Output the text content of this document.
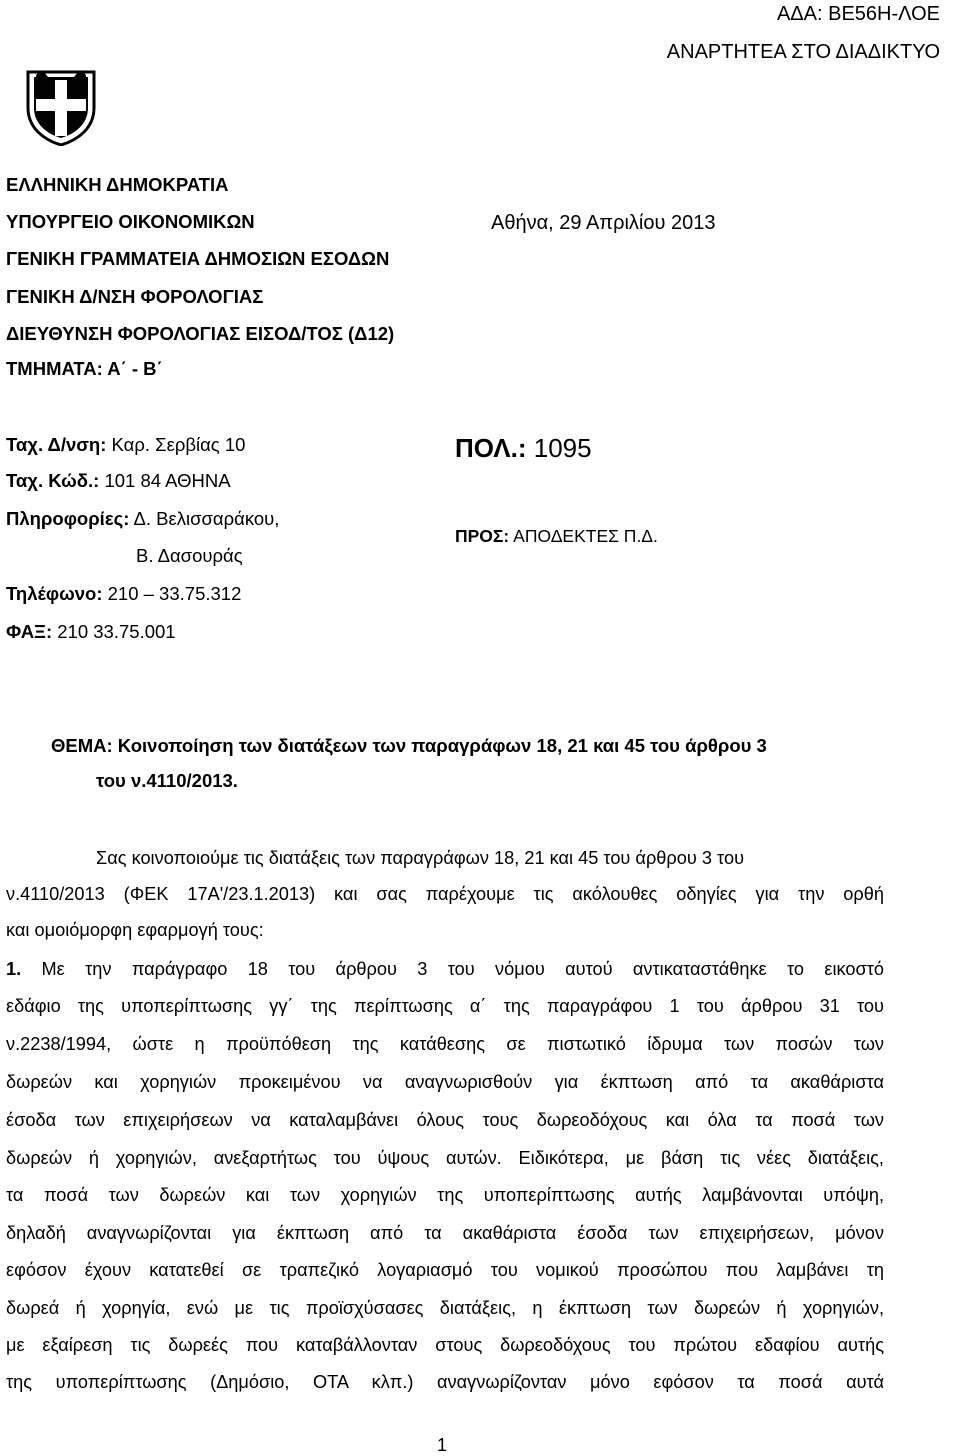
ΑΔΑ: ΒΕ56Η-ΛΟΕ
ΑΝΑΡΤΗΤΕΑ ΣΤΟ ΔΙΑΔΙΚΤΥΟ
ΕΛΛΗΝΙΚΗ ΔΗΜΟΚΡΑΤΙΑ
ΥΠΟΥΡΓΕΙΟ ΟΙΚΟΝΟΜΙΚΩΝ
ΓΕΝΙΚΗ ΓΡΑΜΜΑΤΕΙΑ ΔΗΜΟΣΙΩΝ ΕΣΟΔΩΝ
ΓΕΝΙΚΗ Δ/ΝΣΗ ΦΟΡΟΛΟΓΙΑΣ
ΔΙΕΥΘΥΝΣΗ ΦΟΡΟΛΟΓΙΑΣ ΕΙΣΟΔ/ΤΟΣ (Δ12)
ΤΜΗΜΑΤΑ: Α΄ - Β΄
Αθήνα, 29 Απριλίου 2013
Ταχ. Δ/νση: Καρ. Σερβίας 10
Ταχ. Κώδ.: 101 84 ΑΘΗΝΑ
Πληροφορίες: Δ. Βελισσαράκου,
Β. Δασουράς
Τηλέφωνο: 210 – 33.75.312
ΦΑΞ: 210 33.75.001
ΠΟΛ.: 1095
ΠΡΟΣ: ΑΠΟΔΕΚΤΕΣ Π.Δ.
ΘΕΜΑ: Κοινοποίηση των διατάξεων των παραγράφων 18, 21 και 45 του άρθρου 3
του ν.4110/2013.
Σας κοινοποιούμε τις διατάξεις των παραγράφων 18, 21 και 45 του άρθρου 3 του
ν.4110/2013 (ΦΕΚ 17Α'/23.1.2013) και σας παρέχουμε τις ακόλουθες οδηγίες για την ορθή
και ομοιόμορφη εφαρμογή τους:
1. Με την παράγραφο 18 του άρθρου 3 του νόμου αυτού αντικαταστάθηκε το εικοστό
εδάφιο της υποπερίπτωσης γγ΄ της περίπτωσης α΄ της παραγράφου 1 του άρθρου 31 του
ν.2238/1994, ώστε η προϋπόθεση της κατάθεσης σε πιστωτικό ίδρυμα των ποσών των
δωρεών και χορηγιών προκειμένου να αναγνωρισθούν για έκπτωση από τα ακαθάριστα
έσοδα των επιχειρήσεων να καταλαμβάνει όλους τους δωρεοδόχους και όλα τα ποσά των
δωρεών ή χορηγιών, ανεξαρτήτως του ύψους αυτών. Ειδικότερα, με βάση τις νέες διατάξεις,
τα ποσά των δωρεών και των χορηγιών της υποπερίπτωσης αυτής λαμβάνονται υπόψη,
δηλαδή αναγνωρίζονται για έκπτωση από τα ακαθάριστα έσοδα των επιχειρήσεων, μόνον
εφόσον έχουν κατατεθεί σε τραπεζικό λογαριασμό του νομικού προσώπου που λαμβάνει τη
δωρεά ή χορηγία, ενώ με τις προϊσχύσασες διατάξεις, η έκπτωση των δωρεών ή χορηγιών,
με εξαίρεση τις δωρεές που καταβάλλονταν στους δωρεοδόχους του πρώτου εδαφίου αυτής
της υποπερίπτωσης (Δημόσιο, ΟΤΑ κλπ.) αναγνωρίζονταν μόνο εφόσον τα ποσά αυτά
1
